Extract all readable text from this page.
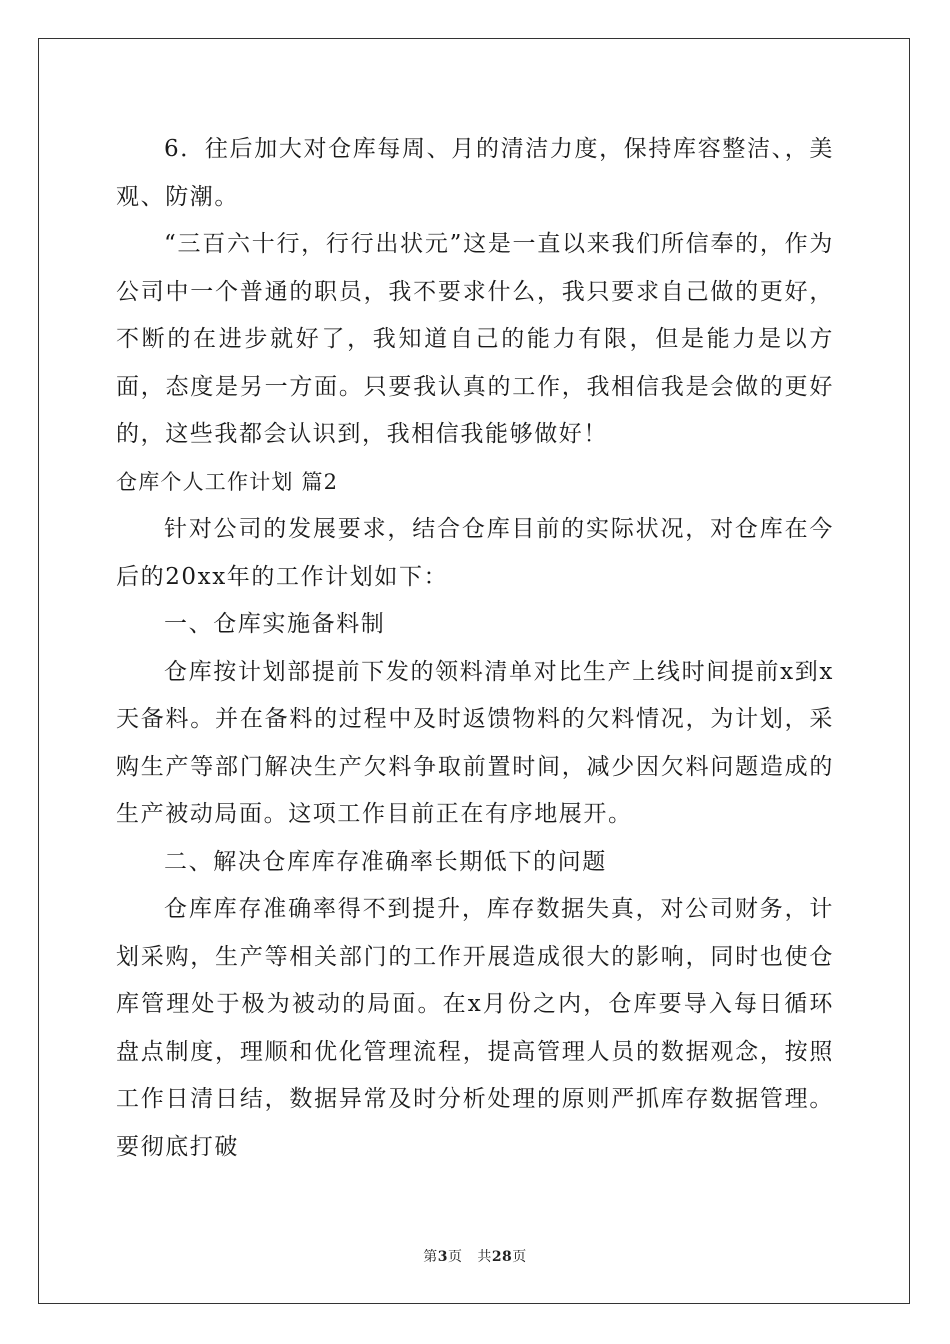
6．往后加大对仓库每周、月的清洁力度，保持库容整洁、，美观、防潮。

“三百六十行，行行出状元”这是一直以来我们所信奉的，作为公司中一个普通的职员，我不要求什么，我只要求自己做的更好，不断的在进步就好了，我知道自己的能力有限，但是能力是以方面，态度是另一方面。只要我认真的工作，我相信我是会做的更好的，这些我都会认识到，我相信我能够做好！

仓库个人工作计划 篇2

针对公司的发展要求，结合仓库目前的实际状况，对仓库在今后的20xx年的工作计划如下：

一、仓库实施备料制

仓库按计划部提前下发的领料清单对比生产上线时间提前x到x天备料。并在备料的过程中及时返馈物料的欠料情况，为计划，采购生产等部门解决生产欠料争取前置时间，减少因欠料问题造成的生产被动局面。这项工作目前正在有序地展开。

二、解决仓库库存准确率长期低下的问题

仓库库存准确率得不到提升，库存数据失真，对公司财务，计划采购，生产等相关部门的工作开展造成很大的影响，同时也使仓库管理处于极为被动的局面。在x月份之内，仓库要导入每日循环盘点制度，理顺和优化管理流程，提高管理人员的数据观念，按照工作日清日结，数据异常及时分析处理的原则严抓库存数据管理。要彻底打破

第3页 共28页
